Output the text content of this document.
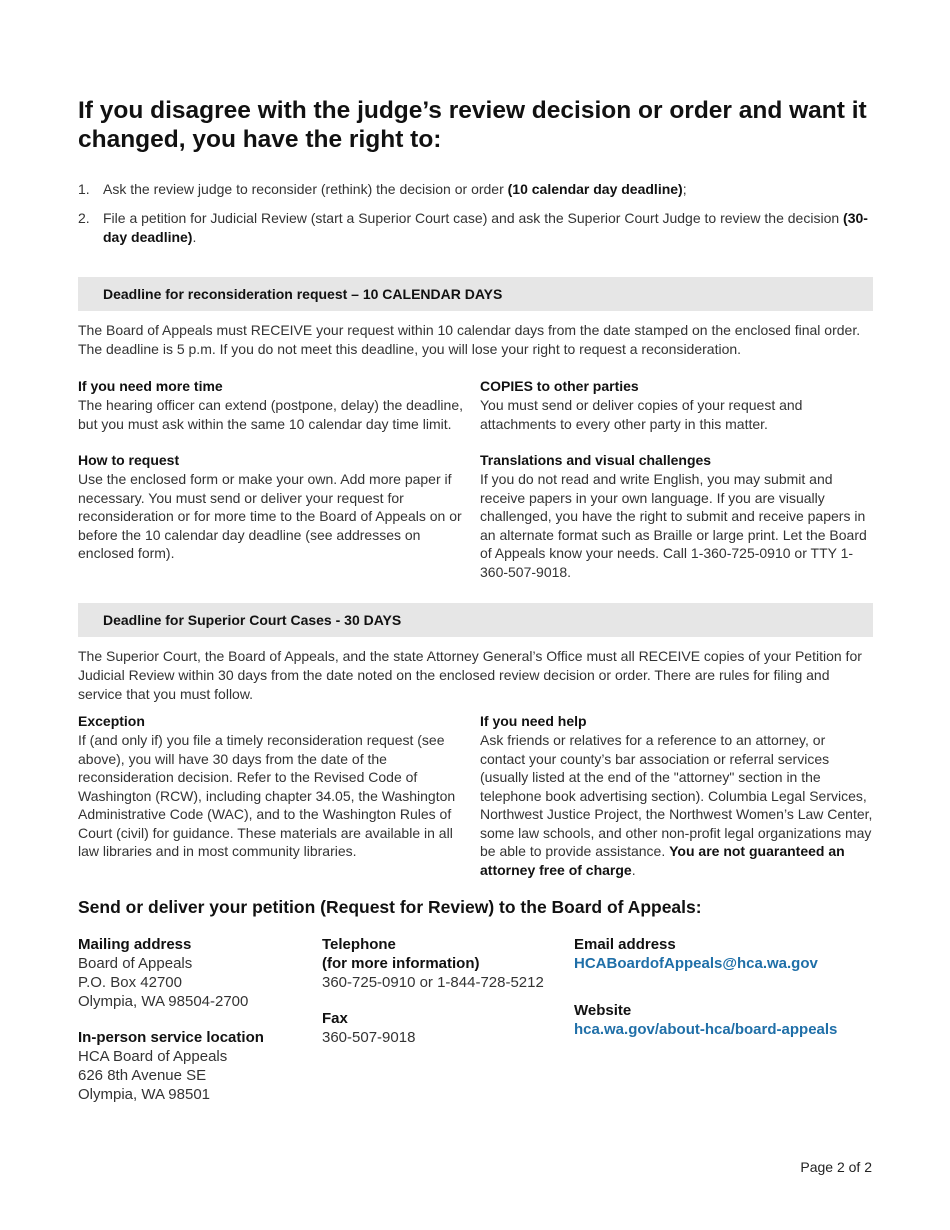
If you disagree with the judge’s review decision or order and want it changed, you have the right to:
1. Ask the review judge to reconsider (rethink) the decision or order (10 calendar day deadline);
2. File a petition for Judicial Review (start a Superior Court case) and ask the Superior Court Judge to review the decision (30-day deadline).
Deadline for reconsideration request – 10 CALENDAR DAYS

The Board of Appeals must RECEIVE your request within 10 calendar days from the date stamped on the enclosed final order. The deadline is 5 p.m. If you do not meet this deadline, you will lose your right to request a reconsideration.

If you need more time

The hearing officer can extend (postpone, delay) the deadline, but you must ask within the same 10 calendar day time limit.

COPIES to other parties

You must send or deliver copies of your request and attachments to every other party in this matter.

How to request

Use the enclosed form or make your own. Add more paper if necessary. You must send or deliver your request for reconsideration or for more time to the Board of Appeals on or before the 10 calendar day deadline (see addresses on enclosed form).

Translations and visual challenges

If you do not read and write English, you may submit and receive papers in your own language. If you are visually challenged, you have the right to submit and receive papers in an alternate format such as Braille or large print. Let the Board of Appeals know your needs. Call 1-360-725-0910 or TTY 1-360-507-9018.

Deadline for Superior Court Cases - 30 DAYS

The Superior Court, the Board of Appeals, and the state Attorney General’s Office must all RECEIVE copies of your Petition for Judicial Review within 30 days from the date noted on the enclosed review decision or order. There are rules for filing and service that you must follow.

Exception

If (and only if) you file a timely reconsideration request (see above), you will have 30 days from the date of the reconsideration decision. Refer to the Revised Code of Washington (RCW), including chapter 34.05, the Washington Administrative Code (WAC), and to the Washington Rules of Court (civil) for guidance. These materials are available in all law libraries and in most community libraries.

If you need help

Ask friends or relatives for a reference to an attorney, or contact your county’s bar association or referral services (usually listed at the end of the "attorney" section in the telephone book advertising section). Columbia Legal Services, Northwest Justice Project, the Northwest Women’s Law Center, some law schools, and other non-profit legal organizations may be able to provide assistance. You are not guaranteed an attorney free of charge.

Send or deliver your petition (Request for Review) to the Board of Appeals:
Mailing address
Board of Appeals
P.O. Box 42700
Olympia, WA 98504-2700
In-person service location
HCA Board of Appeals
626 8th Avenue SE
Olympia, WA 98501
Telephone
(for more information)
360-725-0910 or 1-844-728-5212
Fax
360-507-9018
Email address
HCABoardofAppeals@hca.wa.gov
Website
hca.wa.gov/about-hca/board-appeals
Page 2 of 2
